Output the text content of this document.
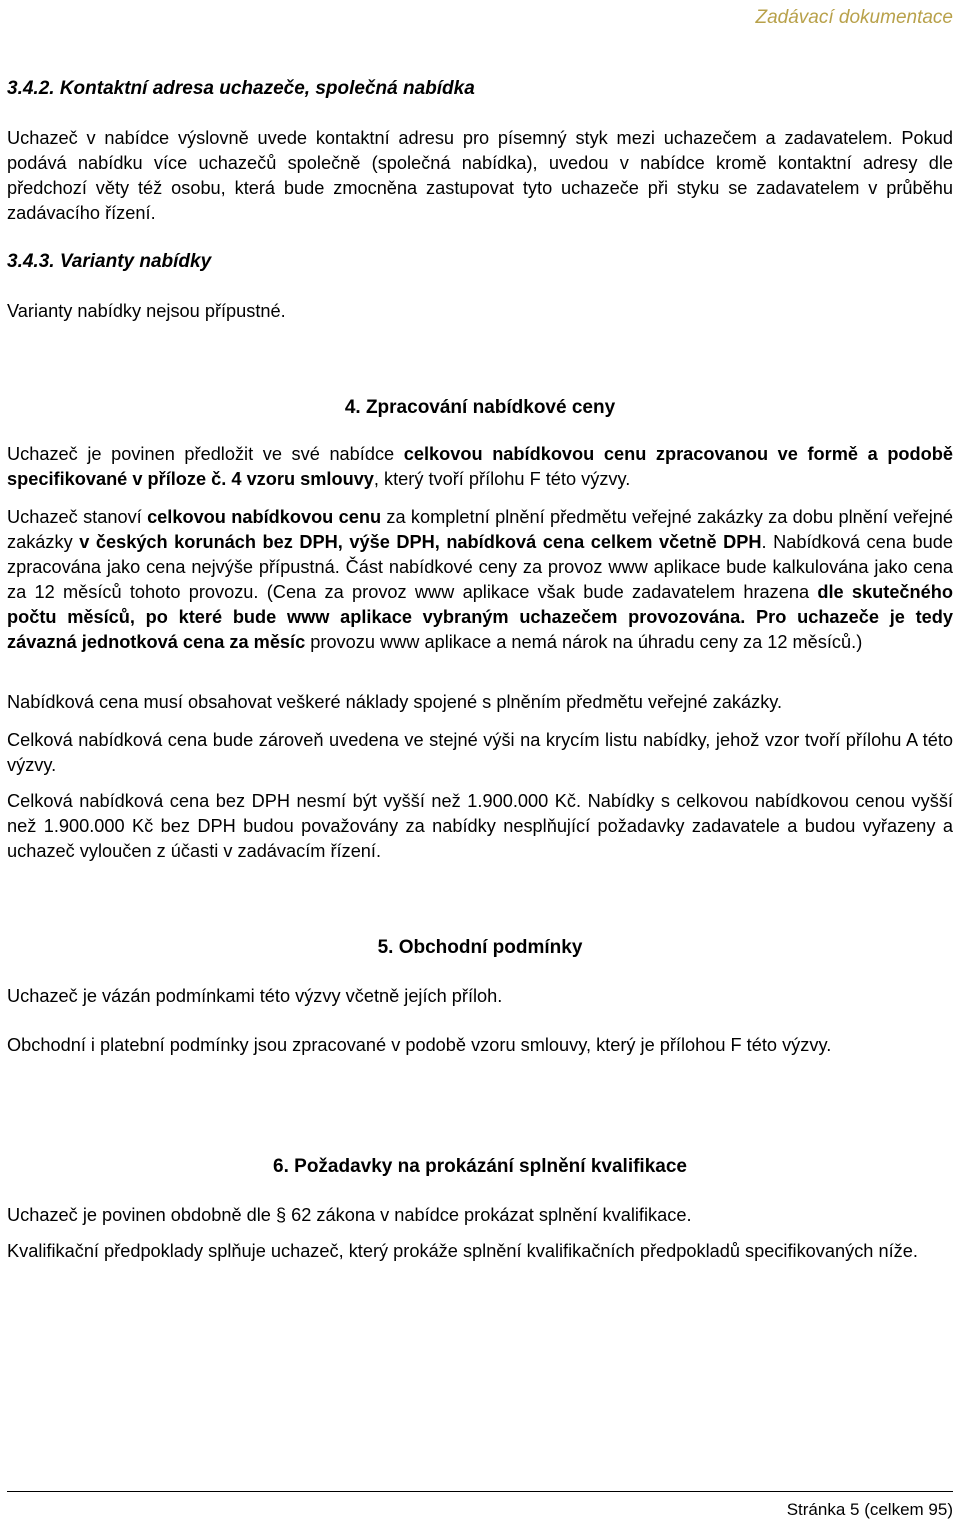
Zadávací dokumentace
3.4.2. Kontaktní adresa uchazeče, společná nabídka

Uchazeč v nabídce výslovně uvede kontaktní adresu pro písemný styk mezi uchazečem a zadavatelem. Pokud podává nabídku více uchazečů společně (společná nabídka), uvedou v nabídce kromě kontaktní adresy dle předchozí věty též osobu, která bude zmocněna zastupovat tyto uchazeče při styku se zadavatelem v průběhu zadávacího řízení.

3.4.3. Varianty nabídky

Varianty nabídky nejsou přípustné.

4. Zpracování nabídkové ceny

Uchazeč je povinen předložit ve své nabídce celkovou nabídkovou cenu zpracovanou ve formě a podobě specifikované v příloze č. 4 vzoru smlouvy, který tvoří přílohu F této výzvy.

Uchazeč stanoví celkovou nabídkovou cenu za kompletní plnění předmětu veřejné zakázky za dobu plnění veřejné zakázky v českých korunách bez DPH, výše DPH, nabídková cena celkem včetně DPH. Nabídková cena bude zpracována jako cena nejvýše přípustná. Část nabídkové ceny za provoz www aplikace bude kalkulována jako cena za 12 měsíců tohoto provozu. (Cena za provoz www aplikace však bude zadavatelem hrazena dle skutečného počtu měsíců, po které bude www aplikace vybraným uchazečem provozována. Pro uchazeče je tedy závazná jednotková cena za měsíc provozu www aplikace a nemá nárok na úhradu ceny za 12 měsíců.)

Nabídková cena musí obsahovat veškeré náklady spojené s plněním předmětu veřejné zakázky.

Celková nabídková cena bude zároveň uvedena ve stejné výši na krycím listu nabídky, jehož vzor tvoří přílohu A této výzvy.

Celková nabídková cena bez DPH nesmí být vyšší než 1.900.000 Kč. Nabídky s celkovou nabídkovou cenou vyšší než 1.900.000 Kč bez DPH budou považovány za nabídky nesplňující požadavky zadavatele a budou vyřazeny a uchazeč vyloučen z účasti v zadávacím řízení.

5. Obchodní podmínky

Uchazeč je vázán podmínkami této výzvy včetně jejích příloh.

Obchodní i platební podmínky jsou zpracované v podobě vzoru smlouvy, který je přílohou F této výzvy.

6. Požadavky na prokázání splnění kvalifikace

Uchazeč je povinen obdobně dle § 62 zákona v nabídce prokázat splnění kvalifikace.

Kvalifikační předpoklady splňuje uchazeč, který prokáže splnění kvalifikačních předpokladů specifikovaných níže.

Stránka 5 (celkem 95)
